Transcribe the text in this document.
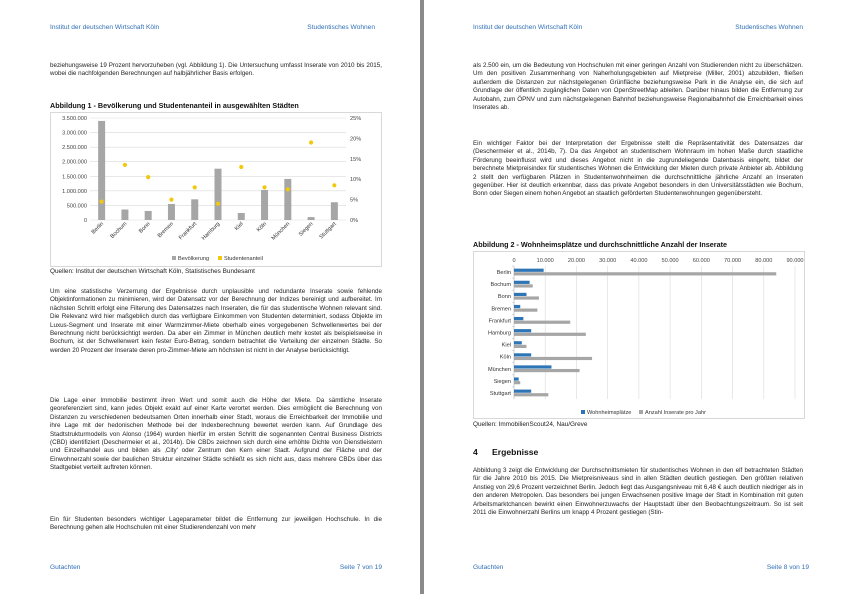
Institut der deutschen Wirtschaft Köln	Studentisches Wohnen
beziehungsweise 19 Prozent hervorzuheben (vgl. Abbildung 1). Die Untersuchung umfasst Inserate von 2010 bis 2015, wobei die nachfolgenden Berechnungen auf halbjährlicher Basis erfolgen.
Abbildung 1 - Bevölkerung und Studentenanteil in ausgewählten Städten
3.500.000
3.000.000
2.500.000
2.000.000
1.500.000
1.000.000
500.000
0
25%
20%
15%
10%
5%
0%
Berlin Bochum Bonn Bremen Frankfurt Hamburg Kiel Köln München Siegen Stuttgart
Bevölkerung	Studentenanteil
Quellen: Institut der deutschen Wirtschaft Köln, Statistisches Bundesamt
Um eine statistische Verzerrung der Ergebnisse durch unplausible und redundante Inserate sowie fehlende Objektinformationen zu minimieren, wird der Datensatz vor der Berechnung der Indizes bereinigt und aufbereitet. Im nächsten Schritt erfolgt eine Filterung des Datensatzes nach Inseraten, die für das studentische Wohnen relevant sind. Die Relevanz wird hier maßgeblich durch das verfügbare Einkommen von Studenten determiniert, sodass Objekte im Luxus-Segment und Inserate mit einer Warmzimmer-Miete oberhalb eines vorgegebenen Schwellenwertes bei der Berechnung nicht berücksichtigt werden. Da aber ein Zimmer in München deutlich mehr kostet als beispielsweise in Bochum, ist der Schwellenwert kein fester Euro-Betrag, sondern betrachtet die Verteilung der einzelnen Städte. So werden 20 Prozent der Inserate deren pro-Zimmer-Miete am höchsten ist nicht in der Analyse berücksichtigt.
Die Lage einer Immobilie bestimmt ihren Wert und somit auch die Höhe der Miete. Da sämtliche Inserate georeferenziert sind, kann jedes Objekt exakt auf einer Karte verortet werden. Dies ermöglicht die Berechnung von Distanzen zu verschiedenen bedeutsamen Orten innerhalb einer Stadt, woraus die Erreichbarkeit der Immobilie und ihre Lage mit der hedonischen Methode bei der Indexberechnung bewertet werden kann. Auf Grundlage des Stadtstrukturmodells von Alonso (1964) wurden hierfür im ersten Schritt die sogenannten Central Business Districts (CBD) identifiziert (Deschermeier et al., 2014b). Die CBDs zeichnen sich durch eine erhöhte Dichte von Dienstleistern und Einzelhandel aus und bilden als ‚City' oder Zentrum den Kern einer Stadt. Aufgrund der Fläche und der Einwohnerzahl sowie der baulichen Struktur einzelner Städte schließt es sich nicht aus, dass mehrere CBDs über das Stadtgebiet verteilt auftreten können.
Ein für Studenten besonders wichtiger Lageparameter bildet die Entfernung zur jeweiligen Hochschule. In die Berechnung gehen alle Hochschulen mit einer Studierendenzahl von mehr
Gutachten	Seite 7 von 19
Institut der deutschen Wirtschaft Köln	Studentisches Wohnen
als 2.500 ein, um die Bedeutung von Hochschulen mit einer geringen Anzahl von Studierenden nicht zu überschätzen. Um den positiven Zusammenhang von Naherholungsgebieten auf Mietpreise (Miller, 2001) abzubilden, fließen außerdem die Distanzen zur nächstgelegenen Grünfläche beziehungsweise Park in die Analyse ein, die sich auf Grundlage der öffentlich zugänglichen Daten von OpenStreetMap ableiten. Darüber hinaus bilden die Entfernung zur Autobahn, zum ÖPNV und zum nächstgelegenen Bahnhof beziehungsweise Regionalbahnhof die Erreichbarkeit eines Inserates ab.
Ein wichtiger Faktor bei der Interpretation der Ergebnisse stellt die Repräsentativität des Datensatzes dar (Deschermeier et al., 2014b, 7). Da das Angebot an studentischem Wohnraum im hohen Maße durch staatliche Förderung beeinflusst wird und dieses Angebot nicht in die zugrundeliegende Datenbasis eingeht, bildet der berechnete Mietpreisindex für studentisches Wohnen die Entwicklung der Mieten durch private Anbieter ab. Abbildung 2 stellt den verfügbaren Plätzen in Studentenwohnheimen die durchschnittliche jährliche Anzahl an Inseraten gegenüber. Hier ist deutlich erkennbar, dass das private Angebot besonders in den Universitätsstädten wie Bochum, Bonn oder Siegen einem hohen Angebot an staatlich geförderten Studentenwohnungen gegenübersteht.
Abbildung 2 - Wohnheimsplätze und durchschnittliche Anzahl der Inserate
0	10.000	20.000	30.000	40.000	50.000	60.000	70.000	80.000	90.000
Berlin
Bochum
Bonn
Bremen
Frankfurt
Hamburg
Kiel
Köln
München
Siegen
Stuttgart
Wohnheimsplätze Anzahl Inserate pro Jahr
Quellen: ImmobilienScout24, Nau/Greve
4 Ergebnisse
Abbildung 3 zeigt die Entwicklung der Durchschnittsmieten für studentisches Wohnen in den elf betrachteten Städten für die Jahre 2010 bis 2015. Die Mietpreisniveaus sind in allen Städten deutlich gestiegen. Den größten relativen Anstieg von 29,6 Prozent verzeichnet Berlin. Jedoch liegt das Ausgangsniveau mit 6,48 € auch deutlich niedriger als in den anderen Metropolen. Das besonders bei jungen Erwachsenen positive Image der Stadt in Kombination mit guten Arbeitsmarktchancen bewirkt einen Einwohnerzuwachs der Hauptstadt über den Beobachtungszeitraum. So ist seit 2011 die Einwohnerzahl Berlins um knapp 4 Prozent gestiegen (Stin-
Gutachten	Seite 8 von 19
